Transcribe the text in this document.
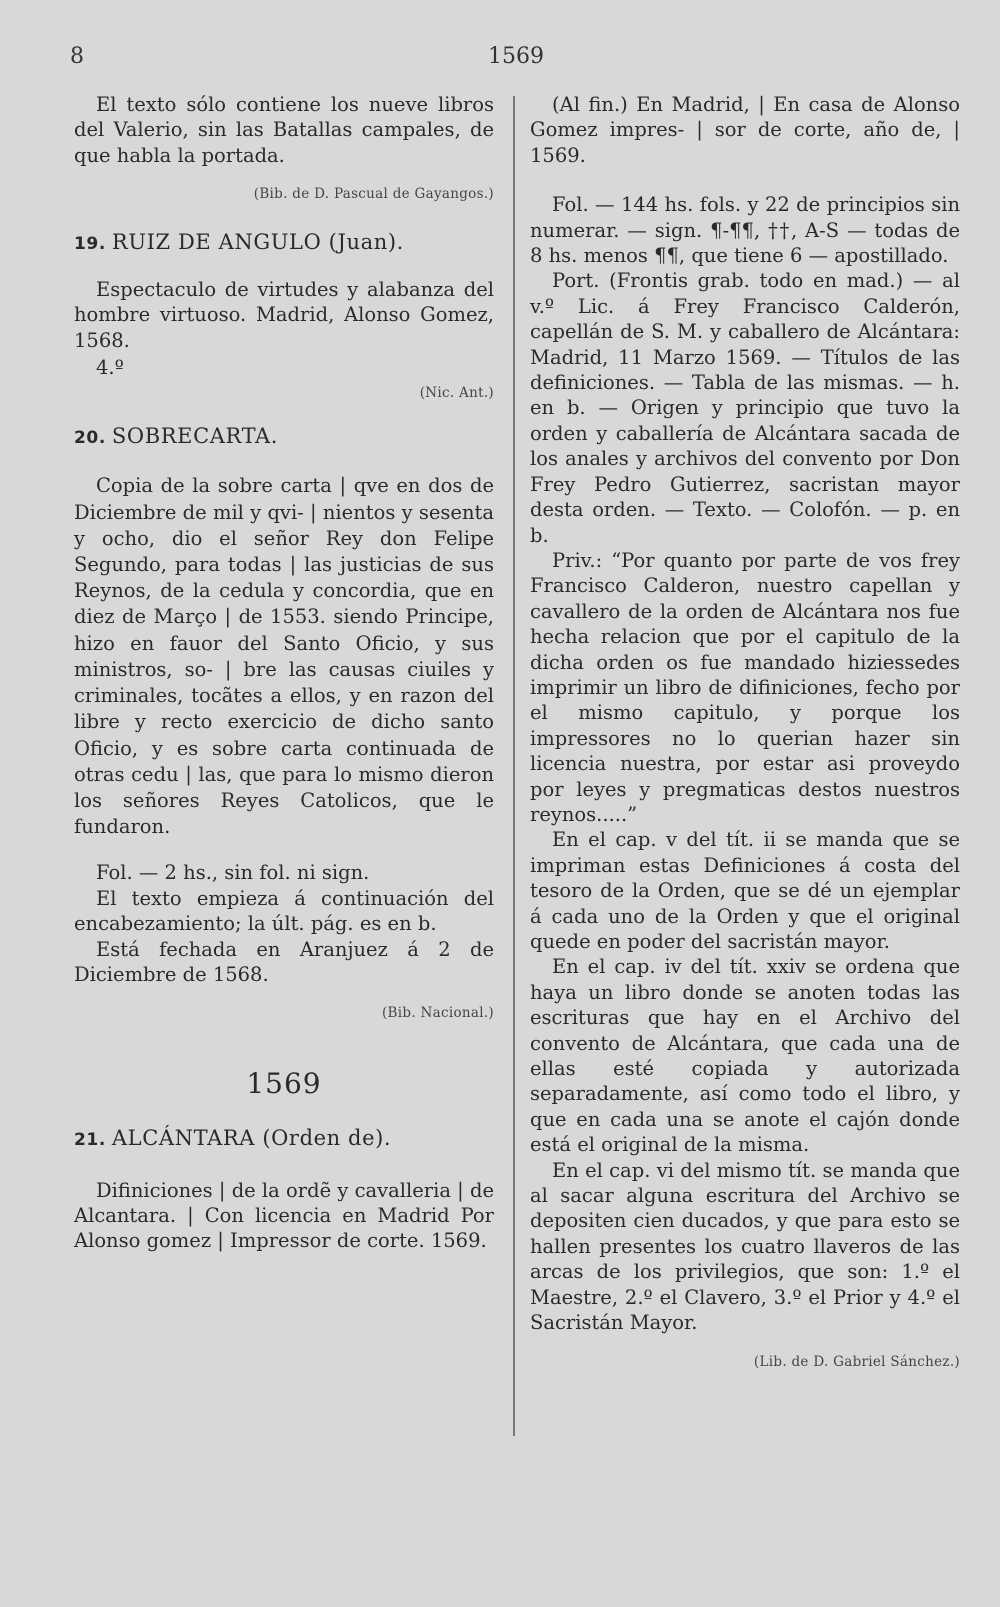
8	1569

El texto sólo contiene los nueve libros del Valerio, sin las Batallas campales, de que habla la portada.

(Bib. de D. Pascual de Gayangos.)

19. RUIZ DE ANGULO (Juan).

Espectaculo de virtudes y alabanza del hombre virtuoso. Madrid, Alonso Gomez, 1568.

4.º

(Nic. Ant.)

20. SOBRECARTA.

Copia de la sobre carta | qve en dos de Diciembre de mil y qvi- | nientos y sesenta y ocho, dio el señor Rey don Felipe Segundo, para todas | las justicias de sus Reynos, de la cedula y concordia, que en diez de Março | de 1553. siendo Principe, hizo en fauor del Santo Oficio, y sus ministros, so- | bre las causas ciuiles y criminales, tocãtes a ellos, y en razon del libre y recto exercicio de dicho santo Oficio, y es sobre carta continuada de otras cedu | las, que para lo mismo dieron los señores Reyes Catolicos, que le fundaron.

Fol. — 2 hs., sin fol. ni sign.

El texto empieza á continuación del encabezamiento; la últ. pág. es en b.

Está fechada en Aranjuez á 2 de Diciembre de 1568.

(Bib. Nacional.)

1569

21. ALCÁNTARA (Orden de).

Difiniciones | de la ordẽ y cavalleria | de Alcantara. | Con licencia en Madrid Por Alonso gomez | Impressor de corte. 1569.

(Al fin.) En Madrid, | En casa de Alonso Gomez impres- | sor de corte, año de, | 1569.

Fol. — 144 hs. fols. y 22 de principios sin numerar. — sign. ¶-¶¶, ††, A-S — todas de 8 hs. menos ¶¶, que tiene 6 — apostillado.

Port. (Frontis grab. todo en mad.) — al v.º Lic. á Frey Francisco Calderón, capellán de S. M. y caballero de Alcántara: Madrid, 11 Marzo 1569. — Títulos de las definiciones. — Tabla de las mismas. — h. en b. — Origen y principio que tuvo la orden y caballería de Alcántara sacada de los anales y archivos del convento por Don Frey Pedro Gutierrez, sacristan mayor desta orden. — Texto. — Colofón. — p. en b.

Priv.: “Por quanto por parte de vos frey Francisco Calderon, nuestro capellan y cavallero de la orden de Alcántara nos fue hecha relacion que por el capitulo de la dicha orden os fue mandado hiziessedes imprimir un libro de difiniciones, fecho por el mismo capitulo, y porque los impressores no lo querian hazer sin licencia nuestra, por estar asi proveydo por leyes y pregmaticas destos nuestros reynos.....”

En el cap. v del tít. ii se manda que se impriman estas Definiciones á costa del tesoro de la Orden, que se dé un ejemplar á cada uno de la Orden y que el original quede en poder del sacristán mayor.

En el cap. iv del tít. xxiv se ordena que haya un libro donde se anoten todas las escrituras que hay en el Archivo del convento de Alcántara, que cada una de ellas esté copiada y autorizada separadamente, así como todo el libro, y que en cada una se anote el cajón donde está el original de la misma.

En el cap. vi del mismo tít. se manda que al sacar alguna escritura del Archivo se depositen cien ducados, y que para esto se hallen presentes los cuatro llaveros de las arcas de los privilegios, que son: 1.º el Maestre, 2.º el Clavero, 3.º el Prior y 4.º el Sacristán Mayor.

(Lib. de D. Gabriel Sánchez.)
